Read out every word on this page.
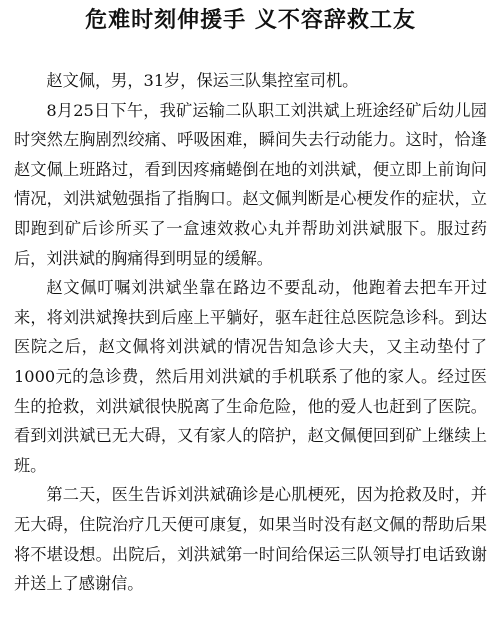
危难时刻伸援手 义不容辞救工友

赵文佩，男，31岁，保运三队集控室司机。

8月25日下午，我矿运输二队职工刘洪斌上班途经矿后幼儿园时突然左胸剧烈绞痛、呼吸困难，瞬间失去行动能力。这时，恰逢赵文佩上班路过，看到因疼痛蜷倒在地的刘洪斌，便立即上前询问情况，刘洪斌勉强指了指胸口。赵文佩判断是心梗发作的症状，立即跑到矿后诊所买了一盒速效救心丸并帮助刘洪斌服下。服过药后，刘洪斌的胸痛得到明显的缓解。

赵文佩叮嘱刘洪斌坐靠在路边不要乱动，他跑着去把车开过来，将刘洪斌搀扶到后座上平躺好，驱车赶往总医院急诊科。到达医院之后，赵文佩将刘洪斌的情况告知急诊大夫，又主动垫付了1000元的急诊费，然后用刘洪斌的手机联系了他的家人。经过医生的抢救，刘洪斌很快脱离了生命危险，他的爱人也赶到了医院。看到刘洪斌已无大碍，又有家人的陪护，赵文佩便回到矿上继续上班。

第二天，医生告诉刘洪斌确诊是心肌梗死，因为抢救及时，并无大碍，住院治疗几天便可康复，如果当时没有赵文佩的帮助后果将不堪设想。出院后，刘洪斌第一时间给保运三队领导打电话致谢并送上了感谢信。
